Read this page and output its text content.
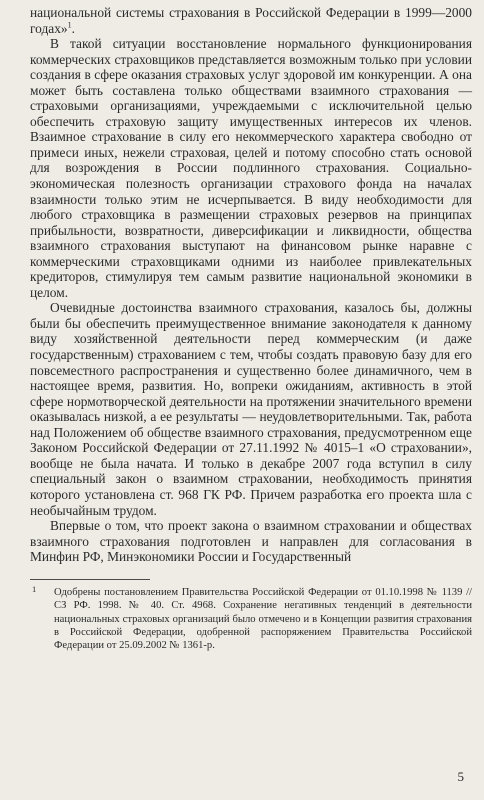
национальной системы страхования в Российской Федерации в 1999—2000 годах»$^1$.

В такой ситуации восстановление нормального функционирования коммерческих страховщиков представляется возможным только при условии создания в сфере оказания страховых услуг здоровой им конкуренции. А она может быть составлена только обществами взаимного страхования — страховыми организациями, учреждаемыми с исключительной целью обеспечить страховую защиту имущественных интересов их членов. Взаимное страхование в силу его некоммерческого характера свободно от примеси иных, нежели страховая, целей и потому способно стать основой для возрождения в России подлинного страхования. Социально-экономическая полезность организации страхового фонда на началах взаимности только этим не исчерпывается. В виду необходимости для любого страховщика в размещении страховых резервов на принципах прибыльности, возвратности, диверсификации и ликвидности, общества взаимного страхования выступают на финансовом рынке наравне с коммерческими страховщиками одними из наиболее привлекательных кредиторов, стимулируя тем самым развитие национальной экономики в целом.

Очевидные достоинства взаимного страхования, казалось бы, должны были бы обеспечить преимущественное внимание законодателя к данному виду хозяйственной деятельности перед коммерческим (и даже государственным) страхованием с тем, чтобы создать правовую базу для его повсеместного распространения и существенно более динамичного, чем в настоящее время, развития. Но, вопреки ожиданиям, активность в этой сфере нормотворческой деятельности на протяжении значительного времени оказывалась низкой, а ее результаты — неудовлетворительными. Так, работа над Положением об обществе взаимного страхования, предусмотренном еще Законом Российской Федерации от 27.11.1992 № 4015–1 «О страховании», вообще не была начата. И только в декабре 2007 года вступил в силу специальный закон о взаимном страховании, необходимость принятия которого установлена ст. 968 ГК РФ. Причем разработка его проекта шла с необычайным трудом.

Впервые о том, что проект закона о взаимном страховании и обществах взаимного страхования подготовлен и направлен для согласования в Минфин РФ, Минэкономики России и Государственный

1 Одобрены постановлением Правительства Российской Федерации от 01.10.1998 № 1139 // СЗ РФ. 1998. № 40. Ст. 4968. Сохранение негативных тенденций в деятельности национальных страховых организаций было отмечено и в Концепции развития страхования в Российской Федерации, одобренной распоряжением Правительства Российской Федерации от 25.09.2002 № 1361-р.
5
